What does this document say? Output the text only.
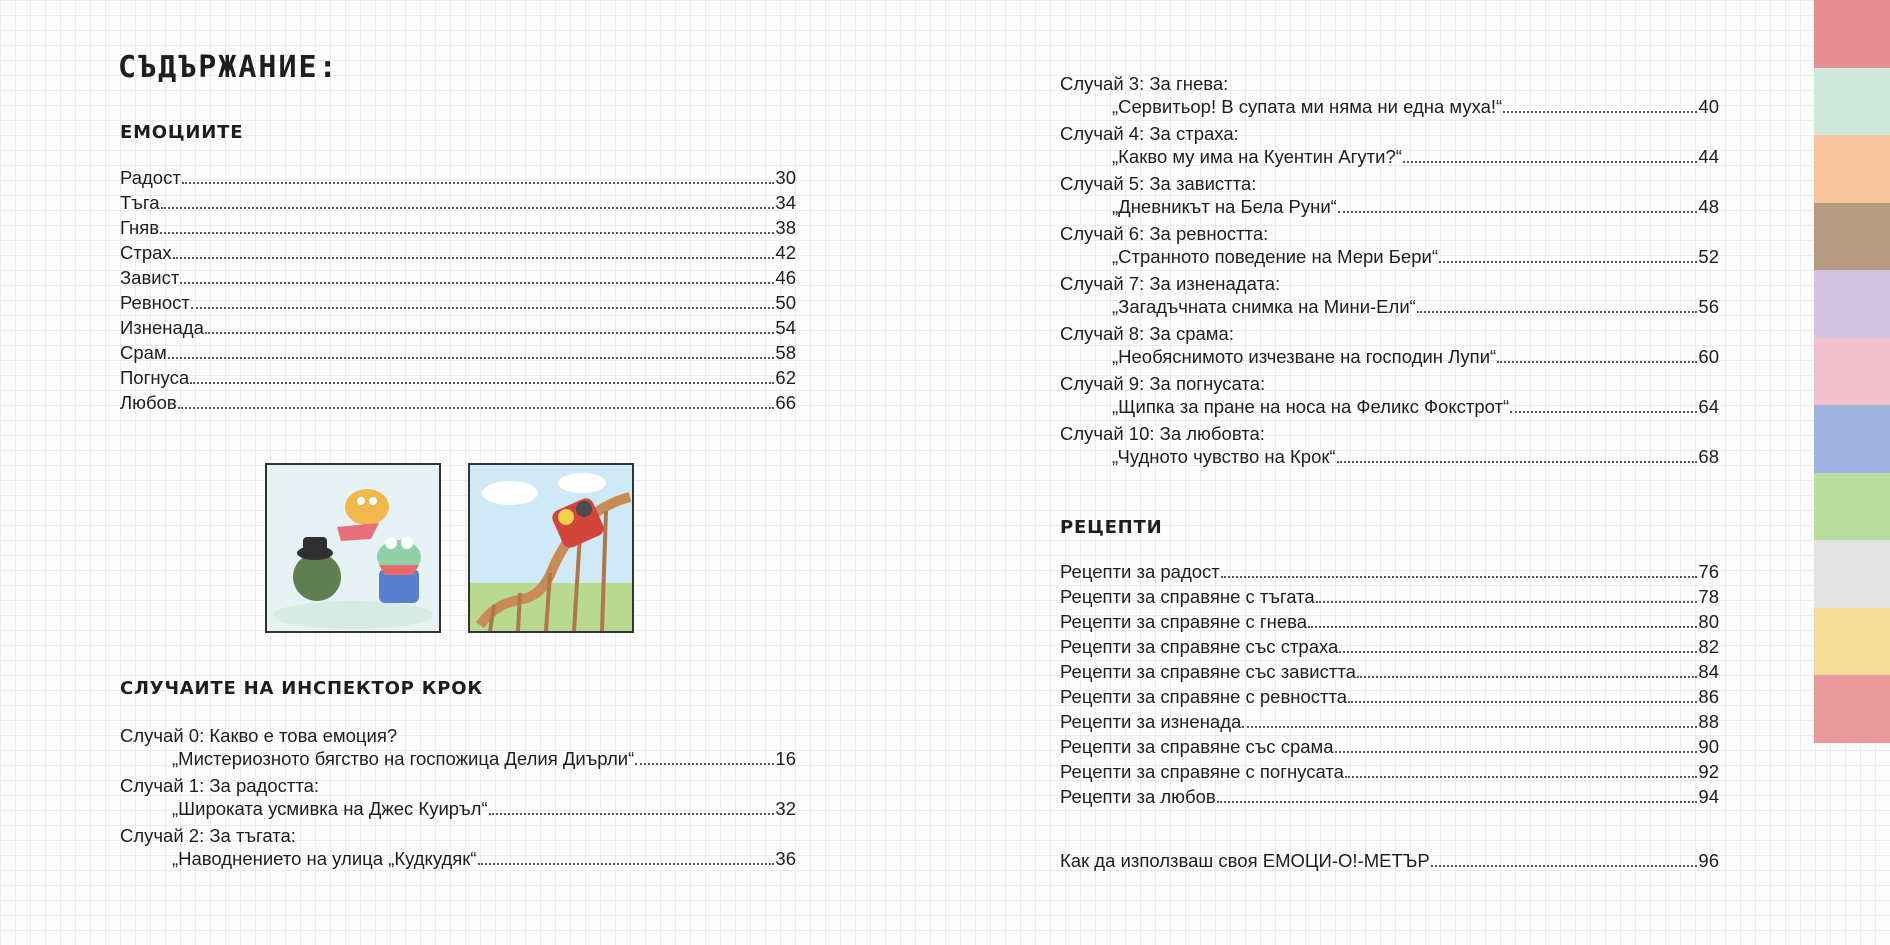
СЪДЪРЖАНИЕ:
ЕМОЦИИТЕ
Радост	30
Тъга	34
Гняв	38
Страх	42
Завист	46
Ревност	50
Изненада	54
Срам	58
Погнуса	62
Любов	66
СЛУЧАИТЕ НА ИНСПЕКТОР КРОК
Случай 0: Какво е това емоция?
„Мистериозното бягство на госпожица Делия Диърли“	16
Случай 1: За радостта:
„Широката усмивка на Джес Куиръл“	32
Случай 2: За тъгата:
„Наводнението на улица „Кудкудяк“	36
Случай 3: За гнева:
„Сервитьор! В супата ми няма ни една муха!“	40
Случай 4: За страха:
„Какво му има на Куентин Агути?“	44
Случай 5: За завистта:
„Дневникът на Бела Руни“	48
Случай 6: За ревността:
„Странното поведение на Мери Бери“	52
Случай 7: За изненадата:
„Загадъчната снимка на Мини-Ели“	56
Случай 8: За срама:
„Необяснимото изчезване на господин Лупи“	60
Случай 9: За погнусата:
„Щипка за пране на носа на Феликс Фокстрот“	64
Случай 10: За любовта:
„Чудното чувство на Крок“	68
РЕЦЕПТИ
Рецепти за радост	76
Рецепти за справяне с тъгата	78
Рецепти за справяне с гнева	80
Рецепти за справяне със страха	82
Рецепти за справяне със завистта	84
Рецепти за справяне с ревността	86
Рецепти за изненада	88
Рецепти за справяне със срама	90
Рецепти за справяне с погнусата	92
Рецепти за любов	94
Как да използваш своя ЕМОЦИ-О!-МЕТЪР	96
